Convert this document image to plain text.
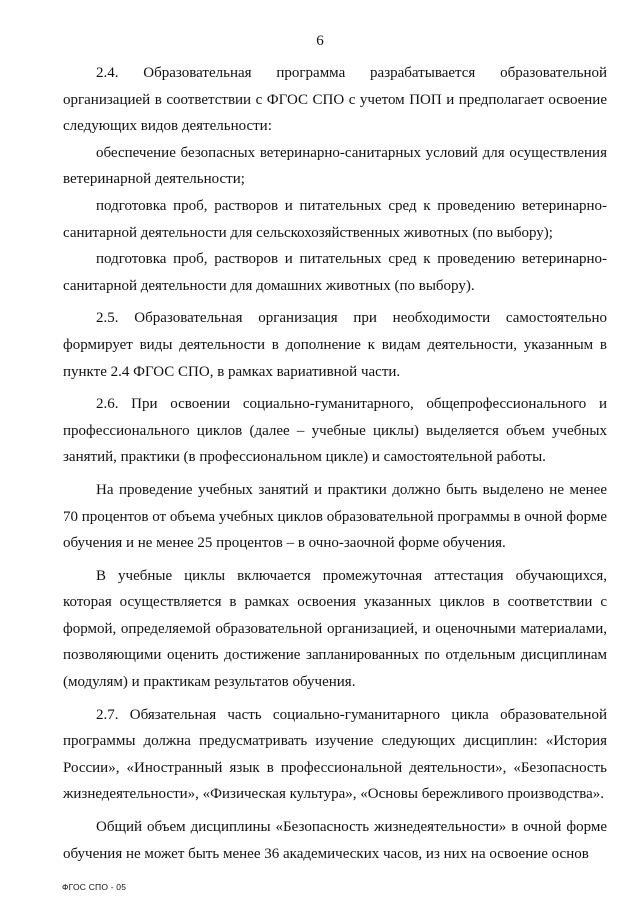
6

2.4. Образовательная программа разрабатывается образовательной организацией в соответствии с ФГОС СПО с учетом ПОП и предполагает освоение следующих видов деятельности:

обеспечение безопасных ветеринарно-санитарных условий для осуществления ветеринарной деятельности;

подготовка проб, растворов и питательных сред к проведению ветеринарно-санитарной деятельности для сельскохозяйственных животных (по выбору);

подготовка проб, растворов и питательных сред к проведению ветеринарно-санитарной деятельности для домашних животных (по выбору).

2.5. Образовательная организация при необходимости самостоятельно формирует виды деятельности в дополнение к видам деятельности, указанным в пункте 2.4 ФГОС СПО, в рамках вариативной части.

2.6. При освоении социально-гуманитарного, общепрофессионального и профессионального циклов (далее – учебные циклы) выделяется объем учебных занятий, практики (в профессиональном цикле) и самостоятельной работы.

На проведение учебных занятий и практики должно быть выделено не менее 70 процентов от объема учебных циклов образовательной программы в очной форме обучения и не менее 25 процентов – в очно-заочной форме обучения.

В учебные циклы включается промежуточная аттестация обучающихся, которая осуществляется в рамках освоения указанных циклов в соответствии с формой, определяемой образовательной организацией, и оценочными материалами, позволяющими оценить достижение запланированных по отдельным дисциплинам (модулям) и практикам результатов обучения.

2.7. Обязательная часть социально-гуманитарного цикла образовательной программы должна предусматривать изучение следующих дисциплин: «История России», «Иностранный язык в профессиональной деятельности», «Безопасность жизнедеятельности», «Физическая культура», «Основы бережливого производства».

Общий объем дисциплины «Безопасность жизнедеятельности» в очной форме обучения не может быть менее 36 академических часов, из них на освоение основ

ФГОС СПО - 05
